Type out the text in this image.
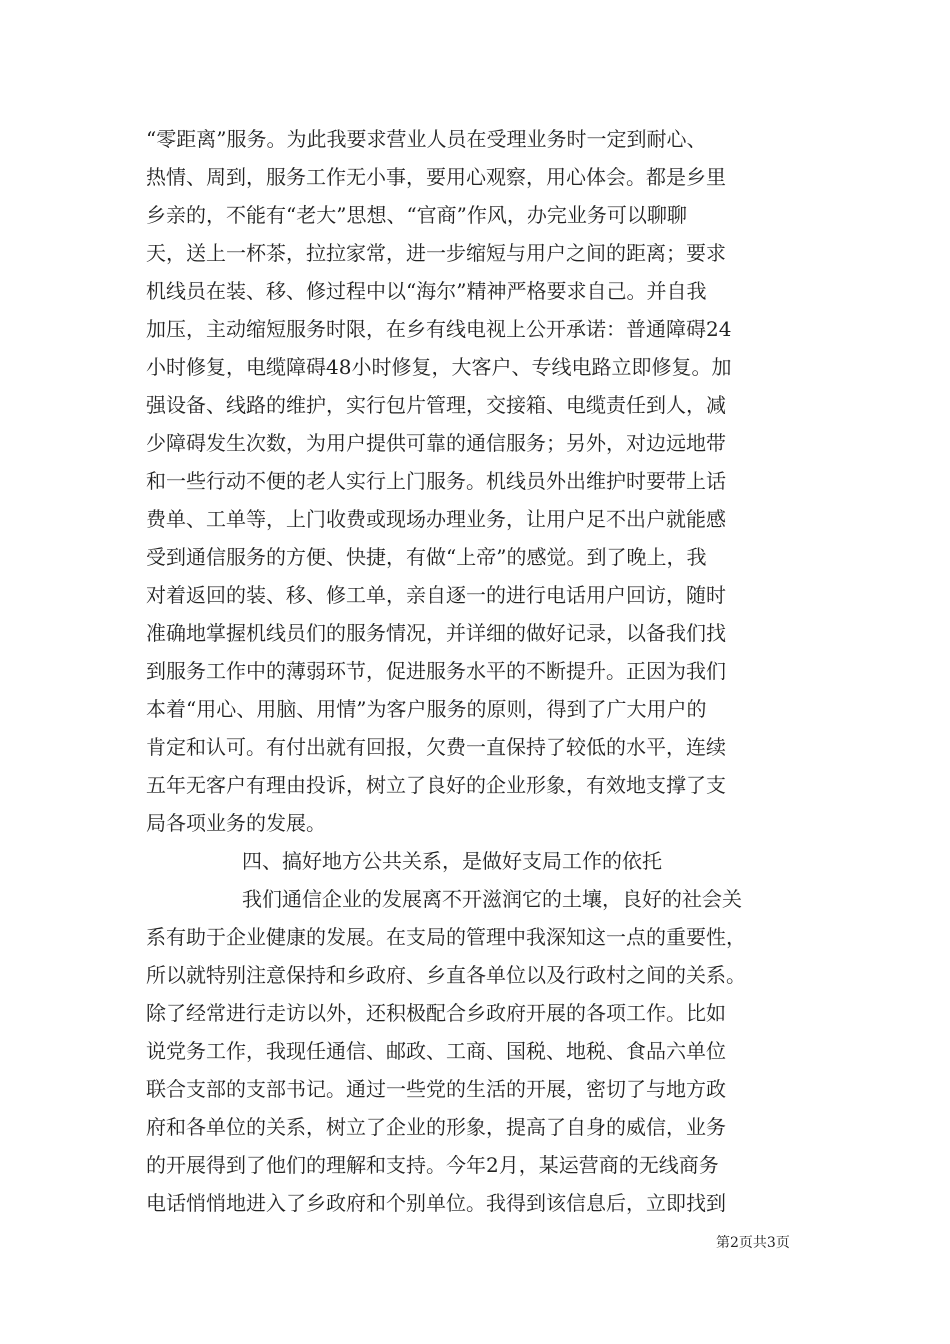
“零距离”服务。为此我要求营业人员在受理业务时一定到耐心、
热情、周到，服务工作无小事，要用心观察，用心体会。都是乡里
乡亲的，不能有“老大”思想、“官商”作风，办完业务可以聊聊
天，送上一杯茶，拉拉家常，进一步缩短与用户之间的距离；要求
机线员在装、移、修过程中以“海尔”精神严格要求自己。并自我
加压，主动缩短服务时限，在乡有线电视上公开承诺：普通障碍24
小时修复，电缆障碍48小时修复，大客户、专线电路立即修复。加
强设备、线路的维护，实行包片管理，交接箱、电缆责任到人，减
少障碍发生次数，为用户提供可靠的通信服务；另外，对边远地带
和一些行动不便的老人实行上门服务。机线员外出维护时要带上话
费单、工单等，上门收费或现场办理业务，让用户足不出户就能感
受到通信服务的方便、快捷，有做“上帝”的感觉。到了晚上，我
对着返回的装、移、修工单，亲自逐一的进行电话用户回访，随时
准确地掌握机线员们的服务情况，并详细的做好记录，以备我们找
到服务工作中的薄弱环节，促进服务水平的不断提升。正因为我们
本着“用心、用脑、用情”为客户服务的原则，得到了广大用户的
肯定和认可。有付出就有回报，欠费一直保持了较低的水平，连续
五年无客户有理由投诉，树立了良好的企业形象，有效地支撑了支
局各项业务的发展。
四、搞好地方公共关系，是做好支局工作的依托
我们通信企业的发展离不开滋润它的土壤，良好的社会关
系有助于企业健康的发展。在支局的管理中我深知这一点的重要性，
所以就特别注意保持和乡政府、乡直各单位以及行政村之间的关系。
除了经常进行走访以外，还积极配合乡政府开展的各项工作。比如
说党务工作，我现任通信、邮政、工商、国税、地税、食品六单位
联合支部的支部书记。通过一些党的生活的开展，密切了与地方政
府和各单位的关系，树立了企业的形象，提高了自身的威信，业务
的开展得到了他们的理解和支持。今年2月，某运营商的无线商务
电话悄悄地进入了乡政府和个别单位。我得到该信息后，立即找到
第2页共3页
